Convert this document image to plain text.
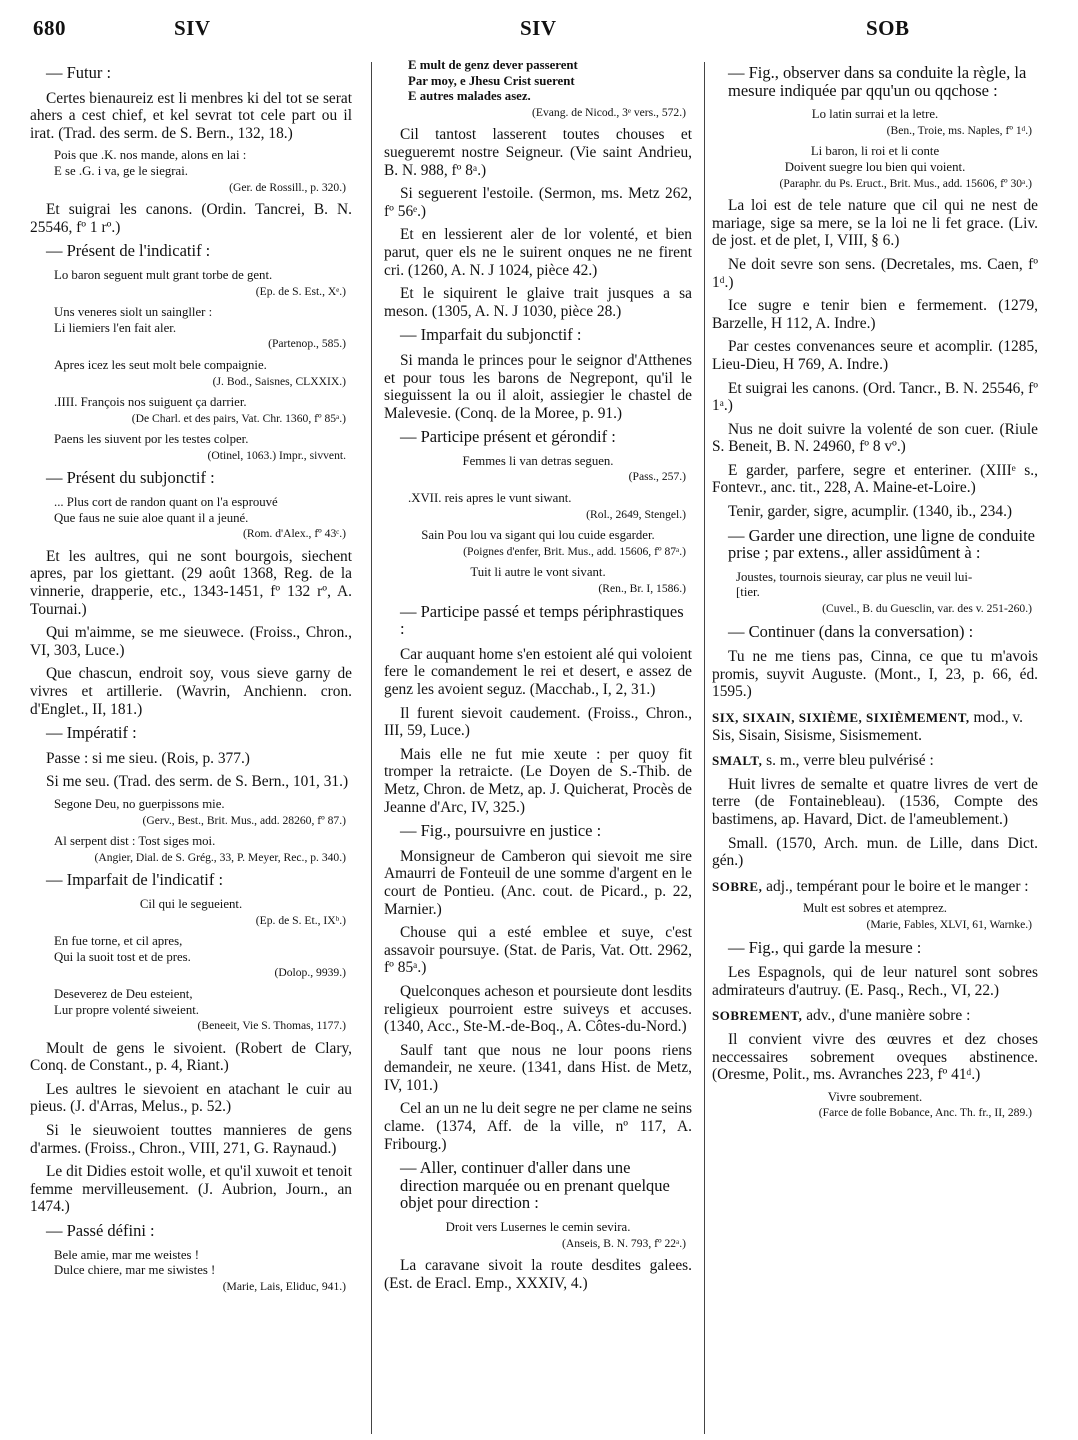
680	SIV	SIV	SOB
— Futur :
Certes bienaureiz est li menbres ki del tot se serat ahers a cest chief, et kel sevrat tot cele part ou il irat. (Trad. des serm. de S. Bern., 132, 18.)
Pois que .K. nos mande, alons en lai :
E se .G. i va, ge le siegrai.
(Ger. de Rossill., p. 320.)
Et suigrai les canons. (Ordin. Tancrei, B. N. 25546, fº 1 rº.)
— Présent de l'indicatif :
Lo baron seguent mult grant torbe de gent.
(Ep. de S. Est., Xᵉ.)
Uns veneres siolt un saingller :
Li liemiers l'en fait aler.
(Partenop., 585.)
Apres icez les seut molt bele compaignie.
(J. Bod., Saisnes, CLXXIX.)
.IIII. François nos suiguent ça darrier.
(De Charl. et des pairs, Vat. Chr. 1360, fº 85ᵃ.)
Paens les siuvent por les testes colper.
(Otinel, 1063.) Impr., sivvent.
— Présent du subjonctif :
... Plus cort de randon quant on l'a esprouvé
Que faus ne suie aloe quant il a jeuné.
(Rom. d'Alex., fº 43ᶜ.)
Et les aultres, qui ne sont bourgois, siechent apres, par los giettant. (29 août 1368, Reg. de la vinnerie, drapperie, etc., 1343-1451, fº 132 rº, A. Tournai.)
Qui m'aimme, se me sieuwece. (Froiss., Chron., VI, 303, Luce.)
Que chascun, endroit soy, vous sieve garny de vivres et artillerie. (Wavrin, Anchienn. cron. d'Englet., II, 181.)
— Impératif :
Passe : si me sieu. (Rois, p. 377.)
Si me seu. (Trad. des serm. de S. Bern., 101, 31.)
Segone Deu, no guerpissons mie.
(Gerv., Best., Brit. Mus., add. 28260, fº 87.)
Al serpent dist : Tost siges moi.
(Angier, Dial. de S. Grég., 33, P. Meyer, Rec., p. 340.)
— Imparfait de l'indicatif :
Cil qui le segueient.
(Ep. de S. Et., IXᵇ.)
En fue torne, et cil apres,
Qui la suoit tost et de pres.
(Dolop., 9939.)
Deseverez de Deu esteient,
Lur propre volenté siweient.
(Beneeit, Vie S. Thomas, 1177.)
Moult de gens le sivoient. (Robert de Clary, Conq. de Constant., p. 4, Riant.)
Les aultres le sievoient en atachant le cuir au pieus. (J. d'Arras, Melus., p. 52.)
Si le sieuwoient touttes mannieres de gens d'armes. (Froiss., Chron., VIII, 271, G. Raynaud.)
Le dit Didies estoit wolle, et qu'il xuwoit et tenoit femme mervilleusement. (J. Aubrion, Journ., an 1474.)
— Passé défini :
Bele amie, mar me weistes !
Dulce chiere, mar me siwistes !
(Marie, Lais, Eliduc, 941.)
E mult de genz dever passerent
Par moy, e Jhesu Crist suerent
E autres malades asez.
(Evang. de Nicod., 3ᵉ vers., 572.)
Cil tantost lasserent toutes chouses et suegueremt nostre Seigneur. (Vie saint Andrieu, B. N. 988, fº 8ᵃ.)
Si seguerent l'estoile. (Sermon, ms. Metz 262, fº 56ᵉ.)
Et en lessierent aler de lor volenté, et bien parut, quer els ne le suirent onques ne ne firent cri. (1260, A. N. J 1024, pièce 42.)
Et le siquirent le glaive trait jusques a sa meson. (1305, A. N. J 1030, pièce 28.)
— Imparfait du subjonctif :
Si manda le princes pour le seignor d'Atthenes et pour tous les barons de Negrepont, qu'il le sieguissent la ou il aloit, assiegier le chastel de Malevesie. (Conq. de la Moree, p. 91.)
— Participe présent et gérondif :
Femmes li van detras seguen.
(Pass., 257.)
.XVII. reis apres le vunt siwant.
(Rol., 2649, Stengel.)
Sain Pou lou va sigant qui lou cuide esgarder.
(Poignes d'enfer, Brit. Mus., add. 15606, fº 87ᵃ.)
Tuit li autre le vont sivant.
(Ren., Br. I, 1586.)
— Participe passé et temps périphrastiques :
Car auquant home s'en estoient alé qui voloient fere le comandement le rei et desert, e assez de genz les avoient seguz. (Macchab., I, 2, 31.)
Il furent sievoit caudement. (Froiss., Chron., III, 59, Luce.)
Mais elle ne fut mie xeute : per quoy fit tromper la retraicte. (Le Doyen de S.-Thib. de Metz, Chron. de Metz, ap. J. Quicherat, Procès de Jeanne d'Arc, IV, 325.)
— Fig., poursuivre en justice :
Monsigneur de Camberon qui sievoit me sire Amaurri de Fonteuil de une somme d'argent en le court de Pontieu. (Anc. cout. de Picard., p. 22, Marnier.)
Chouse qui a esté emblee et suye, c'est assavoir poursuye. (Stat. de Paris, Vat. Ott. 2962, fº 85ᵃ.)
Quelconques acheson et poursieute dont lesdits religieux pourroient estre suiveys et accuses. (1340, Acc., Ste-M.-de-Boq., A. Côtes-du-Nord.)
Saulf tant que nous ne lour poons riens demandeir, ne xeure. (1341, dans Hist. de Metz, IV, 101.)
Cel an un ne lu deit segre ne per clame ne seins clame. (1374, Aff. de la ville, nº 117, A. Fribourg.)
— Aller, continuer d'aller dans une direction marquée ou en prenant quelque objet pour direction :
Droit vers Lusernes le cemin sevira.
(Anseis, B. N. 793, fº 22ᵃ.)
La caravane sivoit la route desdites galees. (Est. de Eracl. Emp., XXXIV, 4.)
— Fig., observer dans sa conduite la règle, la mesure indiquée par qqu'un ou qqchose :
Lo latin surrai et la letre.
(Ben., Troie, ms. Naples, fº 1ᵈ.)
Li baron, li roi et li conte
Doivent suegre lou bien qui voient.
(Paraphr. du Ps. Eruct., Brit. Mus., add. 15606, fº 30ᵃ.)
La loi est de tele nature que cil qui ne nest de mariage, sige sa mere, se la loi ne li fet grace. (Liv. de jost. et de plet, I, VIII, § 6.)
Ne doit sevre son sens. (Decretales, ms. Caen, fº 1ᵈ.)
Ice sugre e tenir bien e fermement. (1279, Barzelle, H 112, A. Indre.)
Par cestes convenances seure et acomplir. (1285, Lieu-Dieu, H 769, A. Indre.)
Et suigrai les canons. (Ord. Tancr., B. N. 25546, fº 1ᵃ.)
Nus ne doit suivre la volenté de son cuer. (Riule S. Beneit, B. N. 24960, fº 8 vº.)
E garder, parfere, segre et enteriner. (XIIIᵉ s., Fontevr., anc. tit., 228, A. Maine-et-Loire.)
Tenir, garder, sigre, acumplir. (1340, ib., 234.)
— Garder une direction, une ligne de conduite prise ; par extens., aller assidûment à :
Joustes, tournois sieuray, car plus ne veuil lui-
[tier.
(Cuvel., B. du Guesclin, var. des v. 251-260.)
— Continuer (dans la conversation) :
Tu ne me tiens pas, Cinna, ce que tu m'avois promis, suyvit Auguste. (Mont., I, 23, p. 66, éd. 1595.)
SIX, SIXAIN, SIXIÈME, SIXIÈMEMENT, mod., v. Sis, Sisain, Sisisme, Sisismement.
SMALT, s. m., verre bleu pulvérisé :
Huit livres de semalte et quatre livres de vert de terre (de Fontainebleau). (1536, Compte des bastimens, ap. Havard, Dict. de l'ameublement.)
Small. (1570, Arch. mun. de Lille, dans Dict. gén.)
SOBRE, adj., tempérant pour le boire et le manger :
Mult est sobres et atemprez.
(Marie, Fables, XLVI, 61, Warnke.)
— Fig., qui garde la mesure :
Les Espagnols, qui de leur naturel sont sobres admirateurs d'autruy. (E. Pasq., Rech., VI, 22.)
SOBREMENT, adv., d'une manière sobre :
Il convient vivre des œuvres et dez choses neccessaires sobrement oveques abstinence. (Oresme, Polit., ms. Avranches 223, fº 41ᵈ.)
Vivre soubrement.
(Farce de folle Bobance, Anc. Th. fr., II, 289.)
